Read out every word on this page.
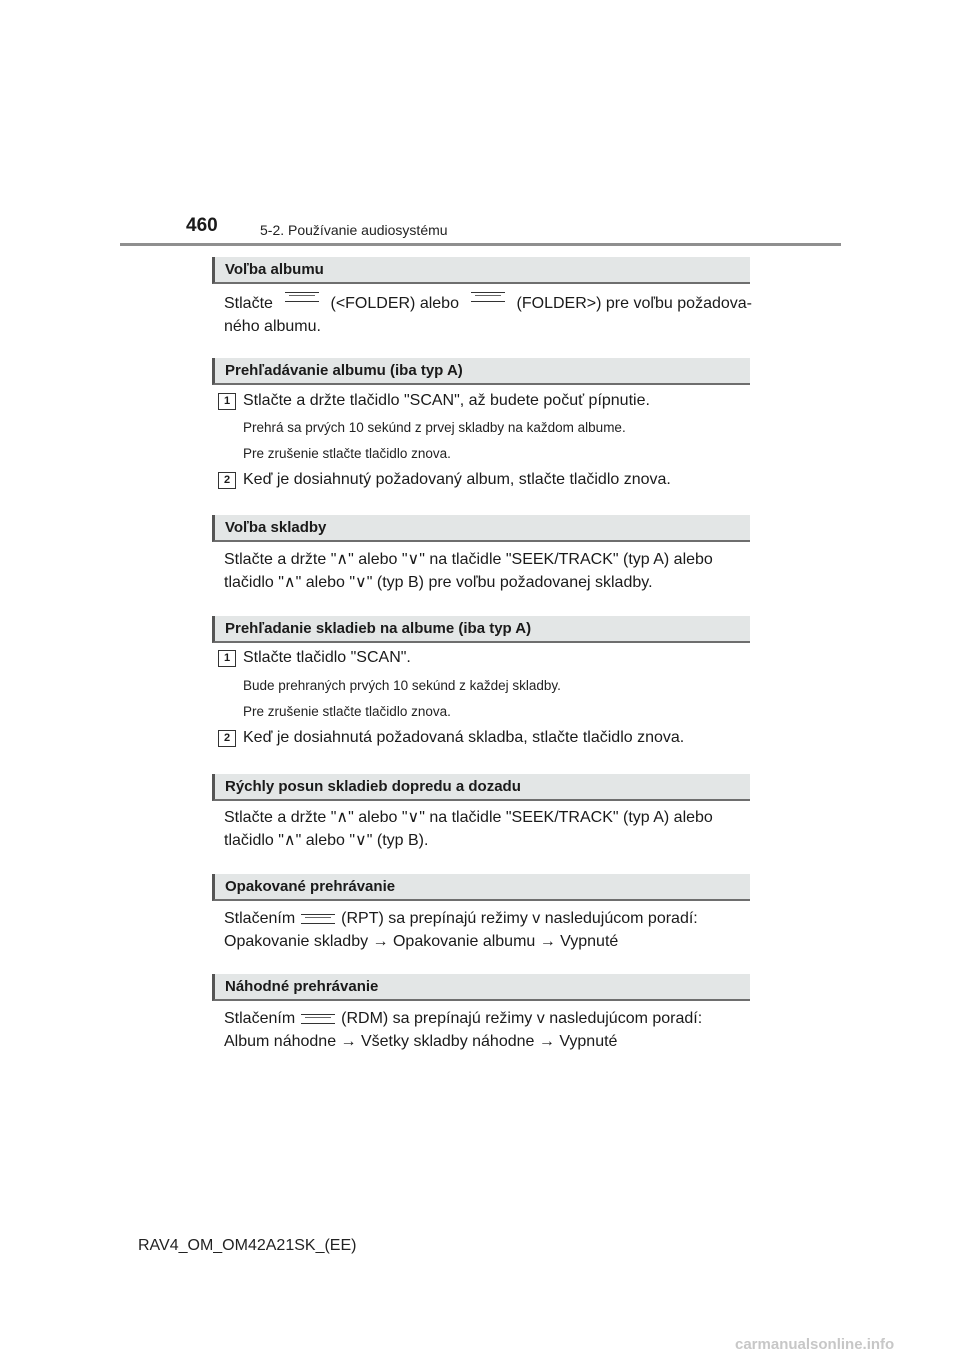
460	5-2. Používanie audiosystému
Voľba albumu
Stlačte	(<FOLDER) alebo	(FOLDER>) pre voľbu požadova-
ného albumu.
Prehľadávanie albumu (iba typ A)
1 Stlačte a držte tlačidlo "SCAN", až budete počuť pípnutie.
Prehrá sa prvých 10 sekúnd z prvej skladby na každom albume.
Pre zrušenie stlačte tlačidlo znova.
2 Keď je dosiahnutý požadovaný album, stlačte tlačidlo znova.
Voľba skladby
Stlačte a držte "∧" alebo "∨" na tlačidle "SEEK/TRACK" (typ A) alebo
tlačidlo "∧" alebo "∨" (typ B) pre voľbu požadovanej skladby.
Prehľadanie skladieb na albume (iba typ A)
1 Stlačte tlačidlo "SCAN".
Bude prehraných prvých 10 sekúnd z každej skladby.
Pre zrušenie stlačte tlačidlo znova.
2 Keď je dosiahnutá požadovaná skladba, stlačte tlačidlo znova.
Rýchly posun skladieb dopredu a dozadu
Stlačte a držte "∧" alebo "∨" na tlačidle "SEEK/TRACK" (typ A) alebo
tlačidlo "∧" alebo "∨" (typ B).
Opakované prehrávanie
Stlačením	(RPT) sa prepínajú režimy v nasledujúcom poradí:
Opakovanie skladby → Opakovanie albumu → Vypnuté
Náhodné prehrávanie
Stlačením	(RDM) sa prepínajú režimy v nasledujúcom poradí:
Album náhodne → Všetky skladby náhodne → Vypnuté
RAV4_OM_OM42A21SK_(EE)
carmanualsonline.info
